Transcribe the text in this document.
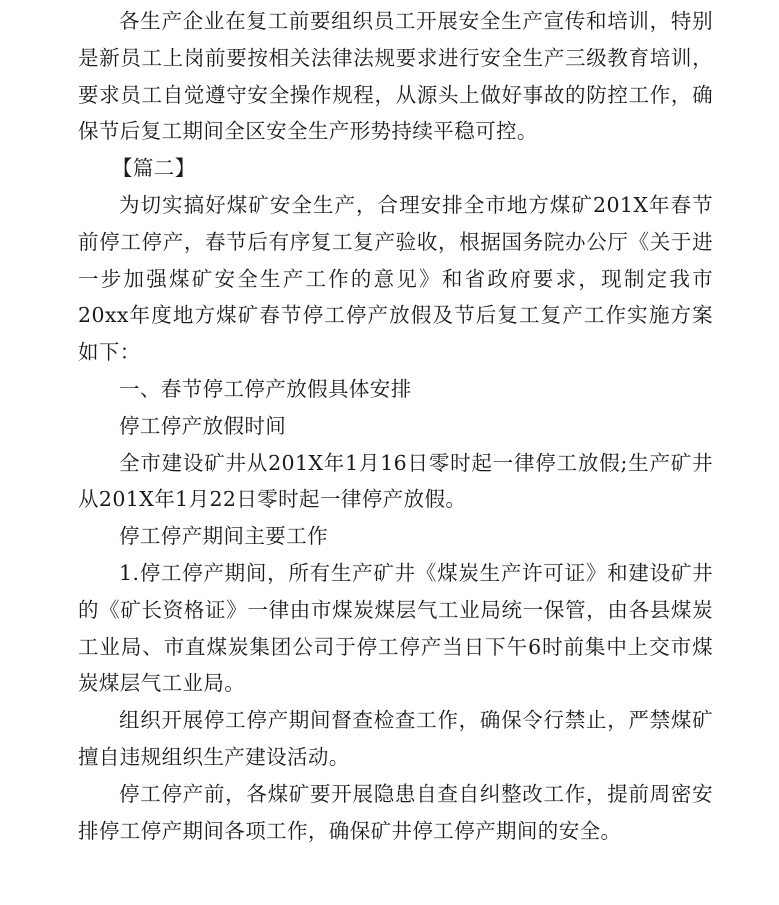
各生产企业在复工前要组织员工开展安全生产宣传和培训，特别是新员工上岗前要按相关法律法规要求进行安全生产三级教育培训，要求员工自觉遵守安全操作规程，从源头上做好事故的防控工作，确保节后复工期间全区安全生产形势持续平稳可控。

【篇二】

为切实搞好煤矿安全生产，合理安排全市地方煤矿201X年春节前停工停产，春节后有序复工复产验收，根据国务院办公厅《关于进一步加强煤矿安全生产工作的意见》和省政府要求，现制定我市20xx年度地方煤矿春节停工停产放假及节后复工复产工作实施方案如下：

一、春节停工停产放假具体安排

停工停产放假时间

全市建设矿井从201X年1月16日零时起一律停工放假;生产矿井从201X年1月22日零时起一律停产放假。

停工停产期间主要工作

1.停工停产期间，所有生产矿井《煤炭生产许可证》和建设矿井的《矿长资格证》一律由市煤炭煤层气工业局统一保管，由各县煤炭工业局、市直煤炭集团公司于停工停产当日下午6时前集中上交市煤炭煤层气工业局。

组织开展停工停产期间督查检查工作，确保令行禁止，严禁煤矿擅自违规组织生产建设活动。

停工停产前，各煤矿要开展隐患自查自纠整改工作，提前周密安排停工停产期间各项工作，确保矿井停工停产期间的安全。
